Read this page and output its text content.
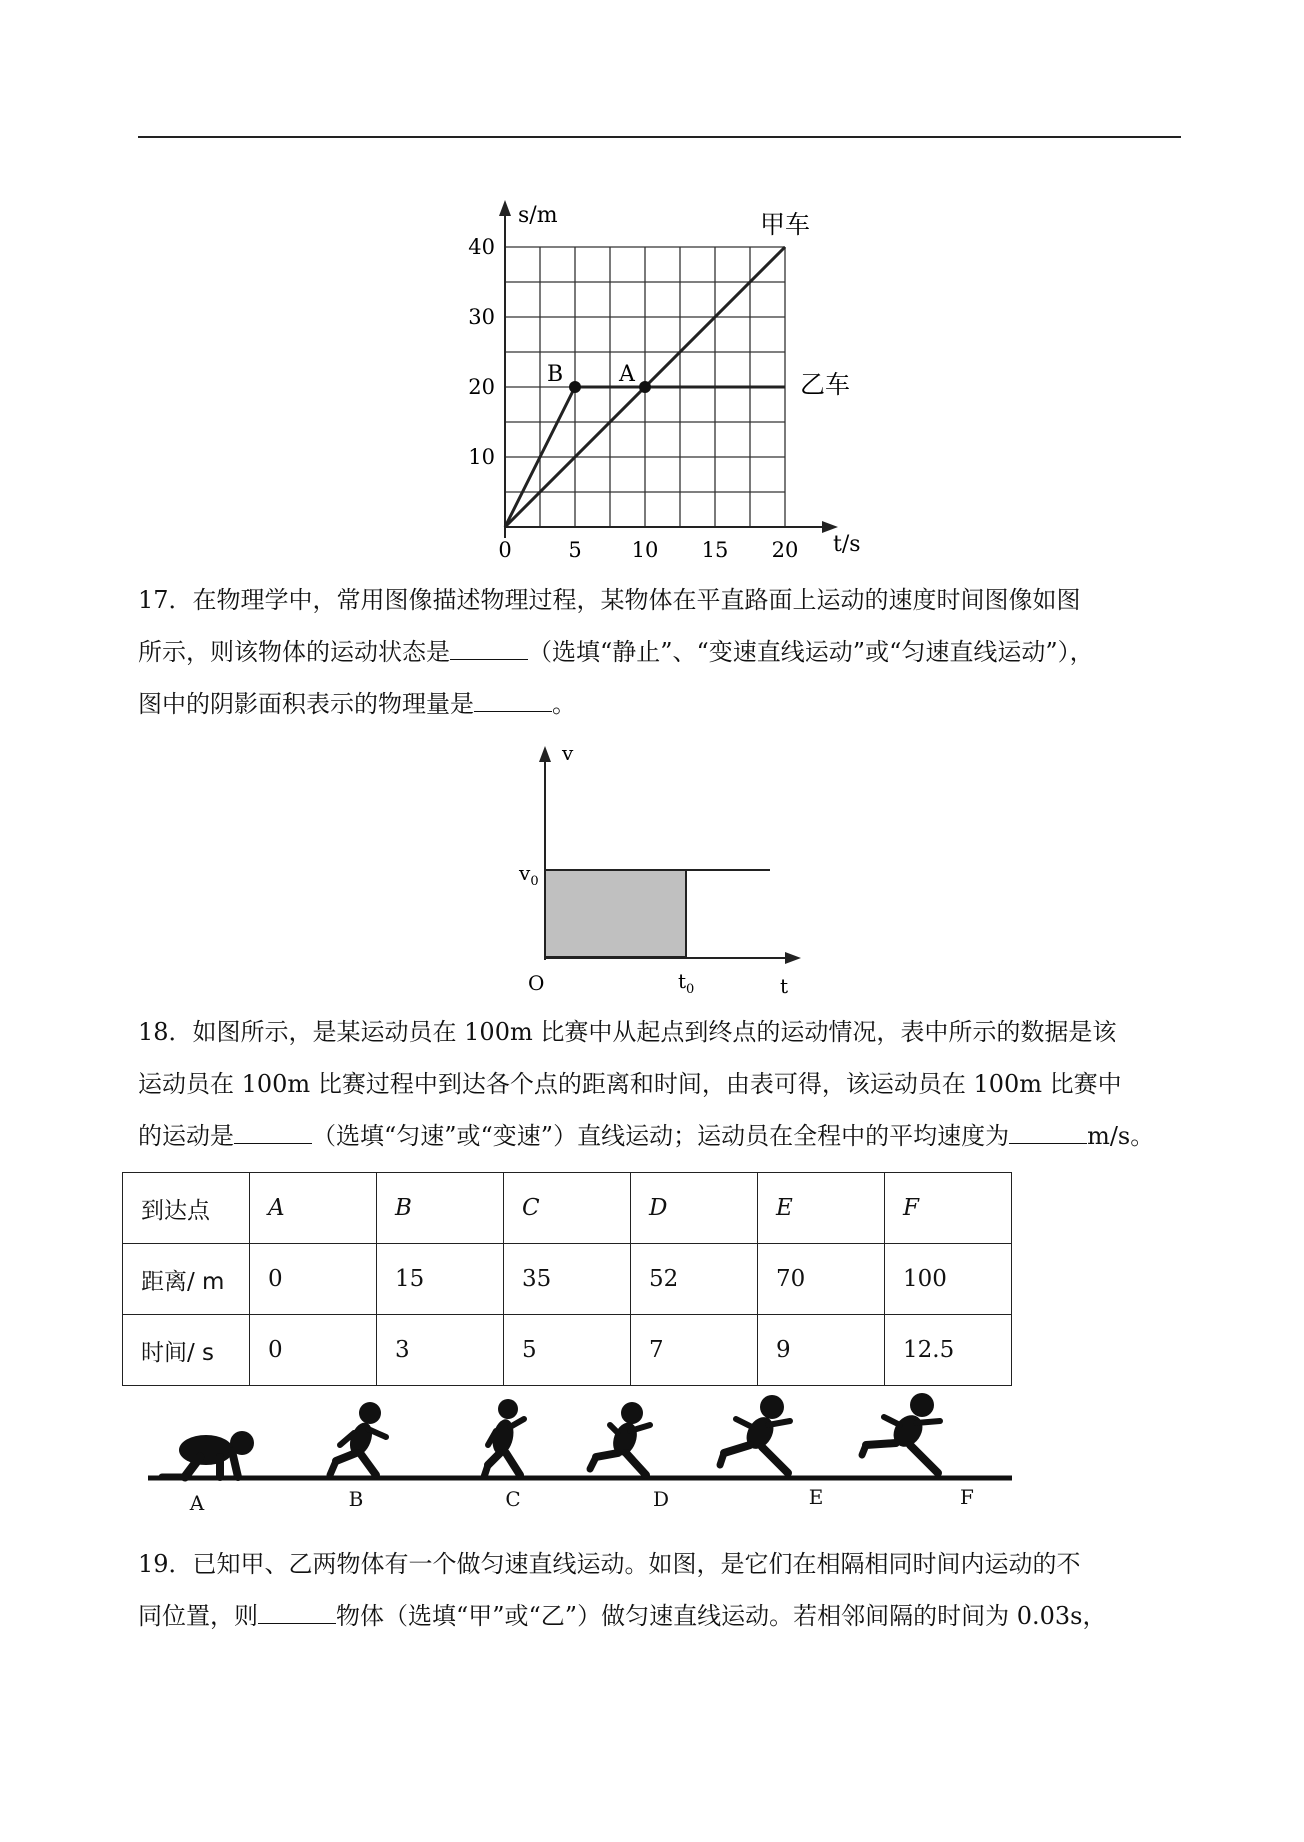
s/m
t/s
40
30
20
10
0	5 10 15 20
B	A
甲车
乙车
17．在物理学中，常用图像描述物理过程，某物体在平直路面上运动的速度时间图像如图
所示，则该物体的运动状态是	（选填“静止”、“变速直线运动”或“匀速直线运动”），
图中的阴影面积表示的物理量是	。
v
t
O
$v_0$
$t_0$
18．如图所示，是某运动员在 100m 比赛中从起点到终点的运动情况，表中所示的数据是该
运动员在 100m 比赛过程中到达各个点的距离和时间，由表可得，该运动员在 100m 比赛中
的运动是	（选填“匀速”或“变速”）直线运动；运动员在全程中的平均速度为	m/s。
到达点	A	B	C	D	E	F
距离/ m	0	15	35	52	70	100
时间/ s	0	3	5	7	9	12.5
A	B	C	D	E	F
19．已知甲、乙两物体有一个做匀速直线运动。如图，是它们在相隔相同时间内运动的不
同位置，则	物体（选填“甲”或“乙”）做匀速直线运动。若相邻间隔的时间为 0.03s，
